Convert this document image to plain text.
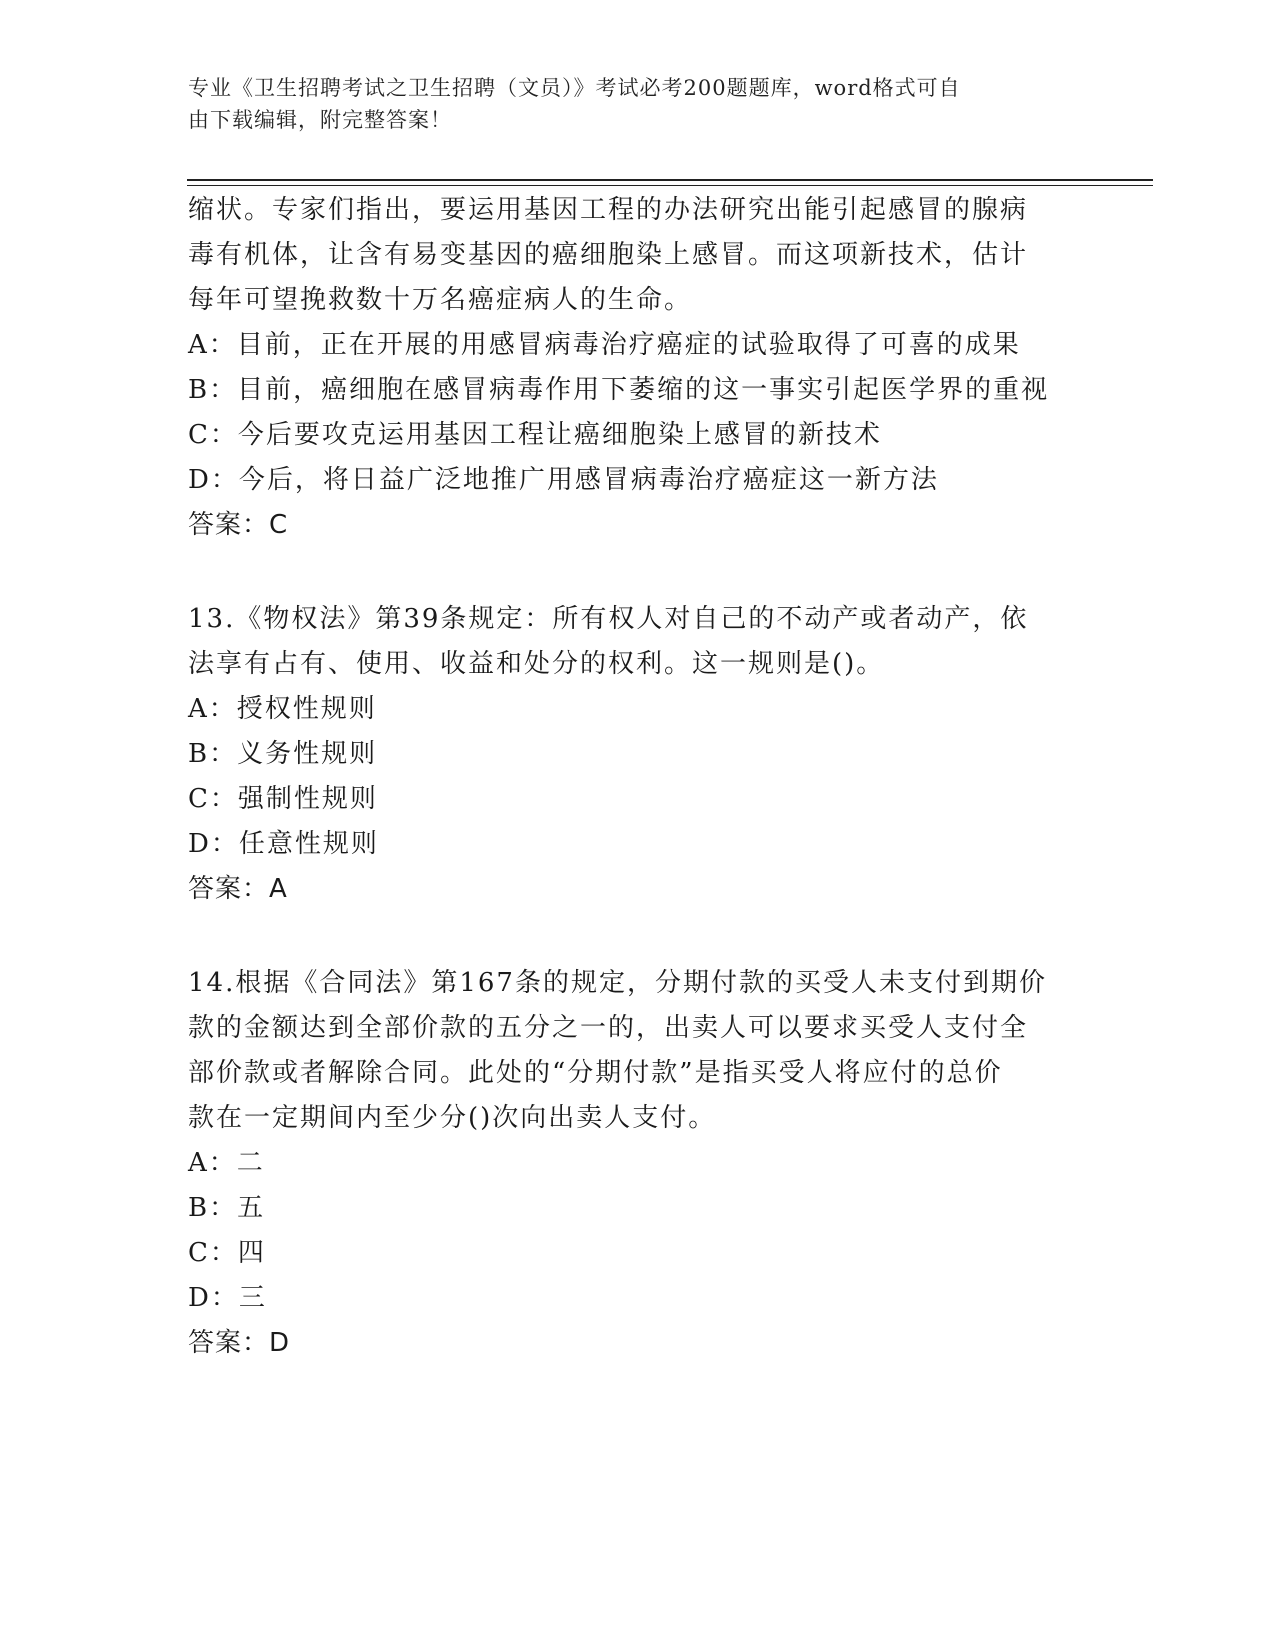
专业《卫生招聘考试之卫生招聘（文员）》考试必考200题题库，word格式可自
由下载编辑，附完整答案！
缩状。专家们指出，要运用基因工程的办法研究出能引起感冒的腺病
毒有机体，让含有易变基因的癌细胞染上感冒。而这项新技术，估计
每年可望挽救数十万名癌症病人的生命。
A：目前，正在开展的用感冒病毒治疗癌症的试验取得了可喜的成果
B：目前，癌细胞在感冒病毒作用下萎缩的这一事实引起医学界的重视
C：今后要攻克运用基因工程让癌细胞染上感冒的新技术
D：今后，将日益广泛地推广用感冒病毒治疗癌症这一新方法
答案：C
13.《物权法》第39条规定：所有权人对自己的不动产或者动产，依
法享有占有、使用、收益和处分的权利。这一规则是()。
A：授权性规则
B：义务性规则
C：强制性规则
D：任意性规则
答案：A
14.根据《合同法》第167条的规定，分期付款的买受人未支付到期价
款的金额达到全部价款的五分之一的，出卖人可以要求买受人支付全
部价款或者解除合同。此处的“分期付款”是指买受人将应付的总价
款在一定期间内至少分()次向出卖人支付。
A：二
B：五
C：四
D：三
答案：D
